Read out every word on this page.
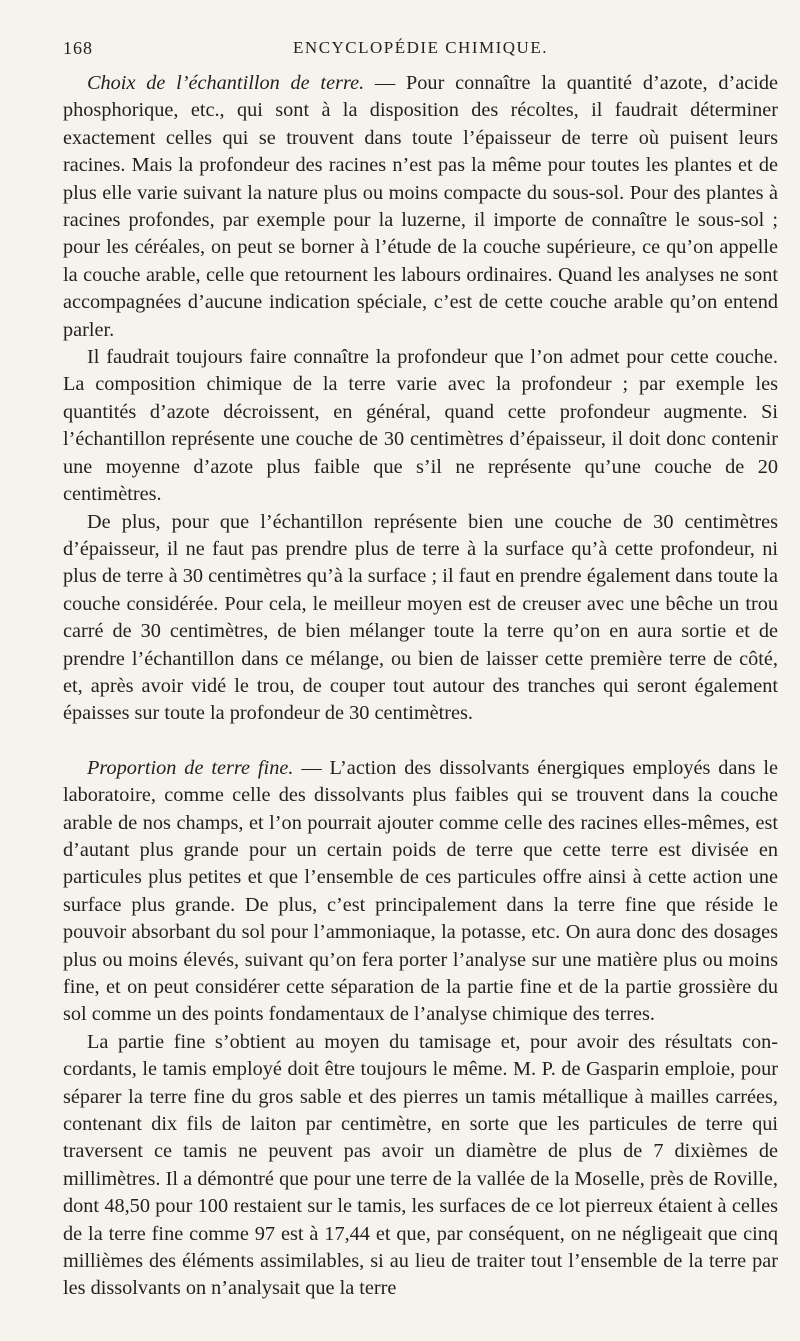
168	ENCYCLOPÉDIE CHIMIQUE.

Choix de l’échantillon de terre. — Pour connaître la quantité d’azote, d’acide phosphorique, etc., qui sont à la disposition des récoltes, il faudrait déterminer exactement celles qui se trouvent dans toute l’épaisseur de terre où puisent leurs racines. Mais la profondeur des racines n’est pas la même pour toutes les plantes et de plus elle varie suivant la nature plus ou moins compacte du sous-sol. Pour des plantes à racines profondes, par exemple pour la luzerne, il importe de connaître le sous-sol ; pour les céréales, on peut se borner à l’étude de la couche supérieure, ce qu’on appelle la couche arable, celle que retournent les labours ordinaires. Quand les analyses ne sont accompagnées d’aucune indication spéciale, c’est de cette couche arable qu’on entend parler.

Il faudrait toujours faire connaître la profondeur que l’on admet pour cette couche. La composition chimique de la terre varie avec la profondeur ; par exemple les quantités d’azote décroissent, en général, quand cette profondeur augmente. Si l’échantillon représente une couche de 30 centimètres d’épaisseur, il doit donc contenir une moyenne d’azote plus faible que s’il ne représente qu’une couche de 20 centimètres.

De plus, pour que l’échantillon représente bien une couche de 30 centimètres d’épaisseur, il ne faut pas prendre plus de terre à la surface qu’à cette profondeur, ni plus de terre à 30 centimètres qu’à la surface ; il faut en prendre également dans toute la couche considérée. Pour cela, le meilleur moyen est de creuser avec une bêche un trou carré de 30 centimètres, de bien mélanger toute la terre qu’on en aura sortie et de prendre l’échantillon dans ce mélange, ou bien de laisser cette première terre de côté, et, après avoir vidé le trou, de couper tout autour des tranches qui seront également épaisses sur toute la profondeur de 30 centimètres.

Proportion de terre fine. — L’action des dissolvants énergiques employés dans le laboratoire, comme celle des dissolvants plus faibles qui se trouvent dans la couche arable de nos champs, et l’on pourrait ajouter comme celle des racines elles-mêmes, est d’autant plus grande pour un certain poids de terre que cette terre est divisée en particules plus petites et que l’ensemble de ces particules offre ainsi à cette action une surface plus grande. De plus, c’est principalement dans la terre fine que réside le pouvoir absorbant du sol pour l’ammoniaque, la potasse, etc. On aura donc des dosages plus ou moins élevés, suivant qu’on fera porter l’analyse sur une matière plus ou moins fine, et on peut considérer cette séparation de la partie fine et de la partie grossière du sol comme un des points fondamentaux de l’analyse chimique des terres.

La partie fine s’obtient au moyen du tamisage et, pour avoir des résultats concordants, le tamis employé doit être toujours le même. M. P. de Gasparin emploie, pour séparer la terre fine du gros sable et des pierres un tamis métallique à mailles carrées, contenant dix fils de laiton par centimètre, en sorte que les particules de terre qui traversent ce tamis ne peuvent pas avoir un diamètre de plus de 7 dixièmes de millimètres. Il a démontré que pour une terre de la vallée de la Moselle, près de Roville, dont 48,50 pour 100 restaient sur le tamis, les surfaces de ce lot pierreux étaient à celles de la terre fine comme 97 est à 17,44 et que, par conséquent, on ne négligeait que cinq millièmes des éléments assimilables, si au lieu de traiter tout l’ensemble de la terre par les dissolvants on n’analysait que la terre
